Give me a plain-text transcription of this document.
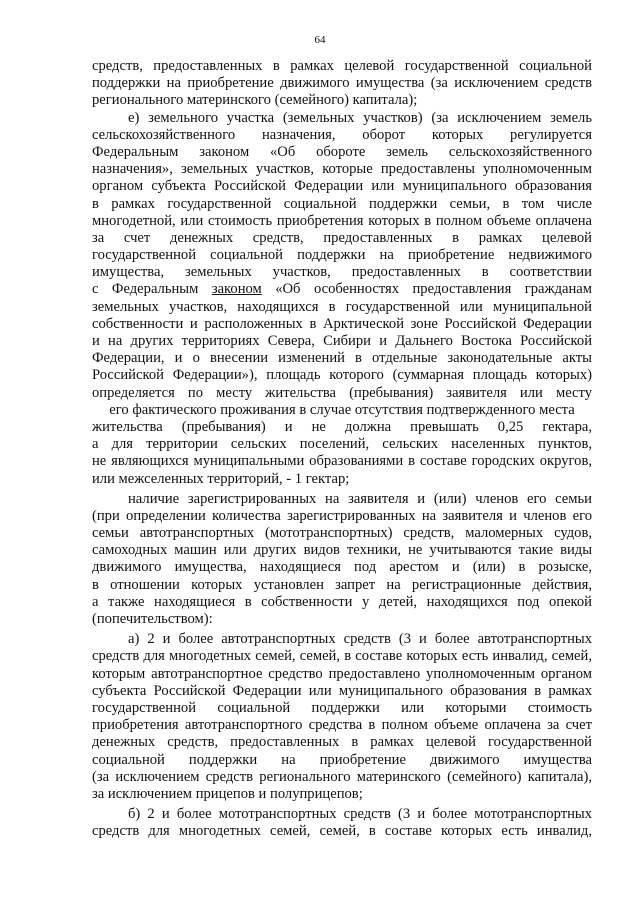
64
средств, предоставленных в рамках целевой государственной социальной
поддержки на приобретение движимого имущества (за исключением средств
регионального материнского (семейного) капитала);
е) земельного участка (земельных участков) (за исключением земель
сельскохозяйственного назначения, оборот которых регулируется
Федеральным законом «Об обороте земель сельскохозяйственного
назначения», земельных участков, которые предоставлены уполномоченным
органом субъекта Российской Федерации или муниципального образования
в рамках государственной социальной поддержки семьи, в том числе
многодетной, или стоимость приобретения которых в полном объеме оплачена
за счет денежных средств, предоставленных в рамках целевой
государственной социальной поддержки на приобретение недвижимого
имущества, земельных участков, предоставленных в соответствии
с Федеральным законом «Об особенностях предоставления гражданам
земельных участков, находящихся в государственной или муниципальной
собственности и расположенных в Арктической зоне Российской Федерации
и на других территориях Севера, Сибири и Дальнего Востока Российской
Федерации, и о внесении изменений в отдельные законодательные акты
Российской Федерации»), площадь которого (суммарная площадь которых)
определяется по месту жительства (пребывания) заявителя или месту
его фактического проживания в случае отсутствия подтвержденного места
жительства (пребывания) и не должна превышать 0,25 гектара,
а для территории сельских поселений, сельских населенных пунктов,
не являющихся муниципальными образованиями в составе городских округов,
или межселенных территорий, - 1 гектар;
наличие зарегистрированных на заявителя и (или) членов его семьи
(при определении количества зарегистрированных на заявителя и членов его
семьи автотранспортных (мототранспортных) средств, маломерных судов,
самоходных машин или других видов техники, не учитываются такие виды
движимого имущества, находящиеся под арестом и (или) в розыске,
в отношении которых установлен запрет на регистрационные действия,
а также находящиеся в собственности у детей, находящихся под опекой
(попечительством):
а) 2 и более автотранспортных средств (3 и более автотранспортных
средств для многодетных семей, семей, в составе которых есть инвалид, семей,
которым автотранспортное средство предоставлено уполномоченным органом
субъекта Российской Федерации или муниципального образования в рамках
государственной социальной поддержки или которыми стоимость
приобретения автотранспортного средства в полном объеме оплачена за счет
денежных средств, предоставленных в рамках целевой государственной
социальной поддержки на приобретение движимого имущества
(за исключением средств регионального материнского (семейного) капитала),
за исключением прицепов и полуприцепов;
б) 2 и более мототранспортных средств (3 и более мототранспортных
средств для многодетных семей, семей, в составе которых есть инвалид,
